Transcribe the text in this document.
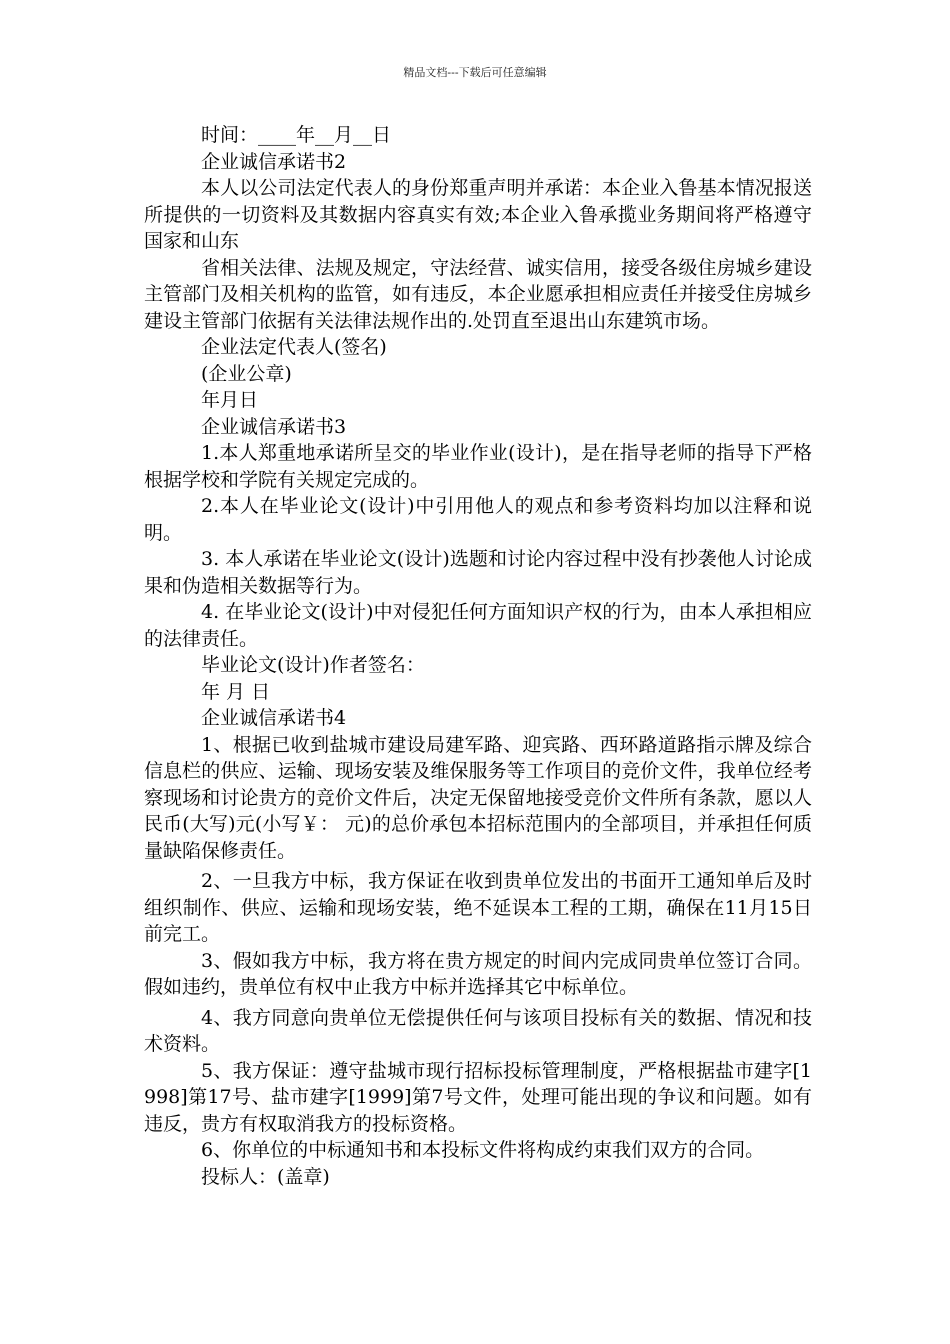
精品文档---下载后可任意编辑

时间：____年__月__日

企业诚信承诺书2

本人以公司法定代表人的身份郑重声明并承诺：本企业入鲁基本情况报送所提供的一切资料及其数据内容真实有效;本企业入鲁承揽业务期间将严格遵守国家和山东

省相关法律、法规及规定，守法经营、诚实信用，接受各级住房城乡建设主管部门及相关机构的监管，如有违反，本企业愿承担相应责任并接受住房城乡建设主管部门依据有关法律法规作出的.处罚直至退出山东建筑市场。

企业法定代表人(签名)

(企业公章)

年月日

企业诚信承诺书3

1.本人郑重地承诺所呈交的毕业作业(设计)，是在指导老师的指导下严格根据学校和学院有关规定完成的。

2.本人在毕业论文(设计)中引用他人的观点和参考资料均加以注释和说明。

3. 本人承诺在毕业论文(设计)选题和讨论内容过程中没有抄袭他人讨论成果和伪造相关数据等行为。

4. 在毕业论文(设计)中对侵犯任何方面知识产权的行为，由本人承担相应的法律责任。

毕业论文(设计)作者签名：

年 月 日

企业诚信承诺书4

1、根据已收到盐城市建设局建军路、迎宾路、西环路道路指示牌及综合信息栏的供应、运输、现场安装及维保服务等工作项目的竞价文件，我单位经考察现场和讨论贵方的竞价文件后，决定无保留地接受竞价文件所有条款，愿以人民币(大写)元(小写￥： 元)的总价承包本招标范围内的全部项目，并承担任何质量缺陷保修责任。

2、一旦我方中标，我方保证在收到贵单位发出的书面开工通知单后及时组织制作、供应、运输和现场安装，绝不延误本工程的工期，确保在11月15日前完工。

3、假如我方中标，我方将在贵方规定的时间内完成同贵单位签订合同。假如违约，贵单位有权中止我方中标并选择其它中标单位。

4、我方同意向贵单位无偿提供任何与该项目投标有关的数据、情况和技术资料。

5、我方保证：遵守盐城市现行招标投标管理制度，严格根据盐市建字[1998]第17号、盐市建字[1999]第7号文件，处理可能出现的争议和问题。如有违反，贵方有权取消我方的投标资格。

6、你单位的中标通知书和本投标文件将构成约束我们双方的合同。

投标人：(盖章)
